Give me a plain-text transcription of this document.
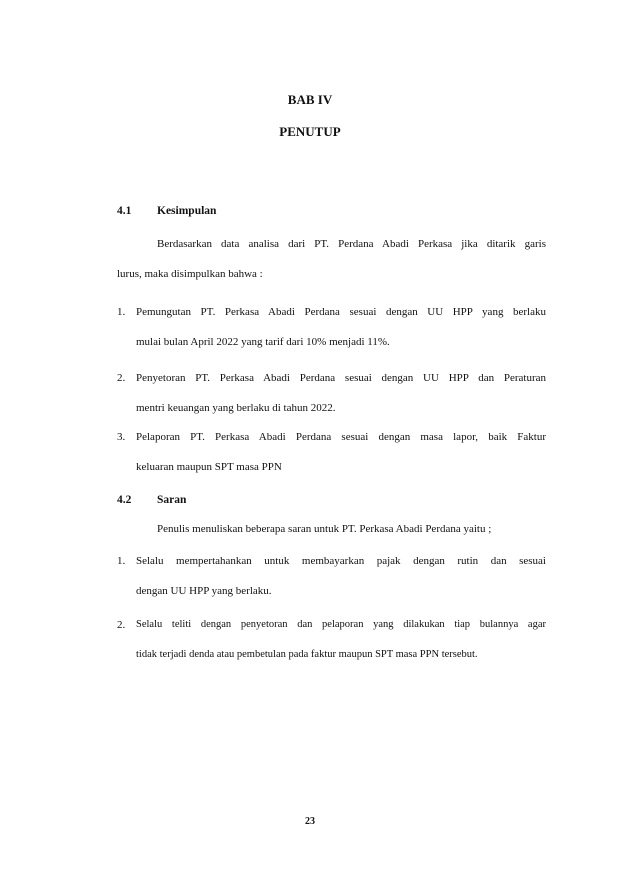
BAB IV
PENUTUP
4.1 Kesimpulan
Berdasarkan data analisa dari PT. Perdana Abadi Perkasa jika ditarik garis
lurus, maka disimpulkan bahwa :
1. Pemungutan PT. Perkasa Abadi Perdana sesuai dengan UU HPP yang berlaku
mulai bulan April 2022 yang tarif dari 10% menjadi 11%.
2. Penyetoran PT. Perkasa Abadi Perdana sesuai dengan UU HPP dan Peraturan
mentri keuangan yang berlaku di tahun 2022.
3. Pelaporan PT. Perkasa Abadi Perdana sesuai dengan masa lapor, baik Faktur
keluaran maupun SPT masa PPN
4.2 Saran
Penulis menuliskan beberapa saran untuk PT. Perkasa Abadi Perdana yaitu ;
1. Selalu mempertahankan untuk membayarkan pajak dengan rutin dan sesuai
dengan UU HPP yang berlaku.
2. Selalu teliti dengan penyetoran dan pelaporan yang dilakukan tiap bulannya agar
tidak terjadi denda atau pembetulan pada faktur maupun SPT masa PPN tersebut.
23
